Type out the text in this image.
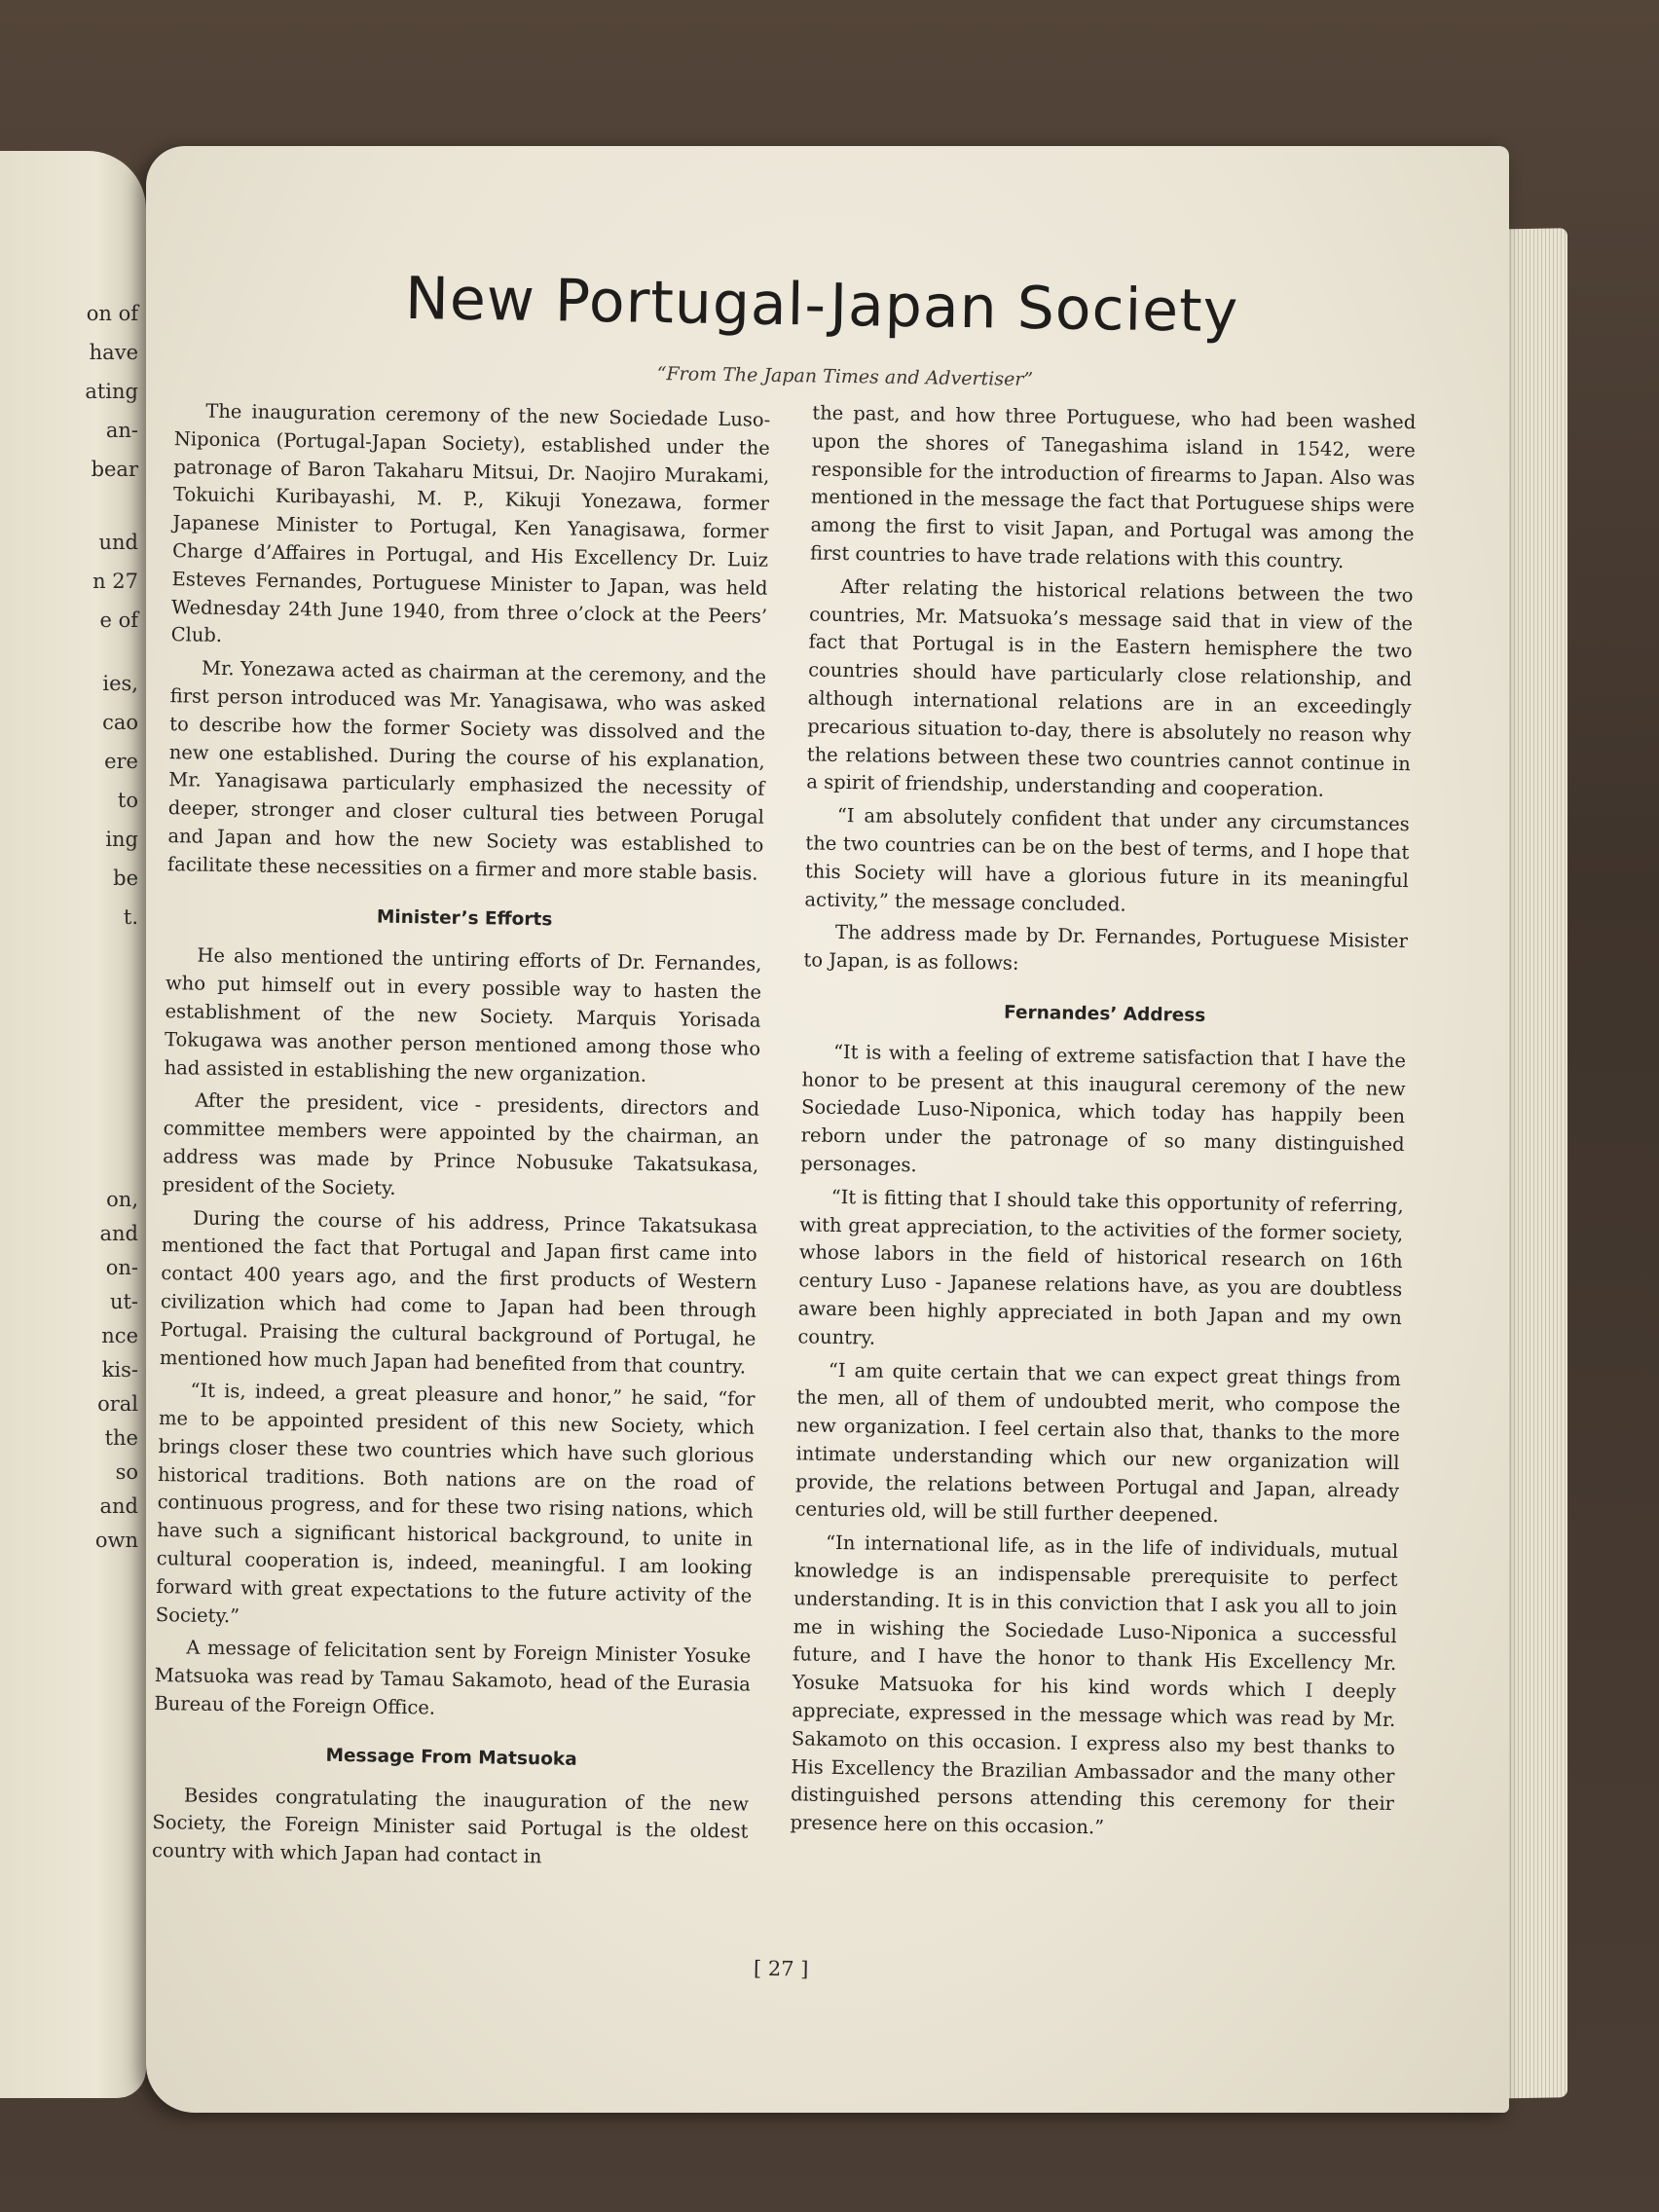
on of
have
ating
an-
bear
und
n 27
e of
ies,
cao
ere
to
ing
be
t.
on,
and
on-
ut-
nce
kis-
oral
the
so
and
own
New Portugal-Japan Society
“From The Japan Times and Advertiser”

The inauguration ceremony of the new Sociedade Luso-Niponica (Portugal-Japan Society), established under the patronage of Baron Takaharu Mitsui, Dr. Naojiro Murakami, Tokuichi Kuribayashi, M. P., Kikuji Yonezawa, former Japanese Minister to Portugal, Ken Yanagisawa, former Charge d’Affaires in Portugal, and His Excellency Dr. Luiz Esteves Fernandes, Portuguese Minister to Japan, was held Wednesday 24th June 1940, from three o’clock at the Peers’ Club.

Mr. Yonezawa acted as chairman at the ceremony, and the first person introduced was Mr. Yanagisawa, who was asked to describe how the former Society was dissolved and the new one established. During the course of his explanation, Mr. Yanagisawa particularly emphasized the necessity of deeper, stronger and closer cultural ties between Porugal and Japan and how the new Society was established to facilitate these necessities on a firmer and more stable basis.

Minister’s Efforts

He also mentioned the untiring efforts of Dr. Fernandes, who put himself out in every possible way to hasten the establishment of the new Society. Marquis Yorisada Tokugawa was another person mentioned among those who had assisted in establishing the new organization.

After the president, vice - presidents, directors and committee members were appointed by the chairman, an address was made by Prince Nobusuke Takatsukasa, president of the Society.

During the course of his address, Prince Takatsukasa mentioned the fact that Portugal and Japan first came into contact 400 years ago, and the first products of Western civilization which had come to Japan had been through Portugal. Praising the cultural background of Portugal, he mentioned how much Japan had benefited from that country.

“It is, indeed, a great pleasure and honor,” he said, “for me to be appointed president of this new Society, which brings closer these two countries which have such glorious historical traditions. Both nations are on the road of continuous progress, and for these two rising nations, which have such a significant historical background, to unite in cultural cooperation is, indeed, meaningful. I am looking forward with great expectations to the future activity of the Society.”

A message of felicitation sent by Foreign Minister Yosuke Matsuoka was read by Tamau Sakamoto, head of the Eurasia Bureau of the Foreign Office.

Message From Matsuoka

Besides congratulating the inauguration of the new Society, the Foreign Minister said Portugal is the oldest country with which Japan had contact in

the past, and how three Portuguese, who had been washed upon the shores of Tanegashima island in 1542, were responsible for the introduction of firearms to Japan. Also was mentioned in the message the fact that Portuguese ships were among the first to visit Japan, and Portugal was among the first countries to have trade relations with this country.

After relating the historical relations between the two countries, Mr. Matsuoka’s message said that in view of the fact that Portugal is in the Eastern hemisphere the two countries should have particularly close relationship, and although international relations are in an exceedingly precarious situation to-day, there is absolutely no reason why the relations between these two countries cannot continue in a spirit of friendship, understanding and cooperation.

“I am absolutely confident that under any circumstances the two countries can be on the best of terms, and I hope that this Society will have a glorious future in its meaningful activity,” the message concluded.

The address made by Dr. Fernandes, Portuguese Misister to Japan, is as follows:

Fernandes’ Address

“It is with a feeling of extreme satisfaction that I have the honor to be present at this inaugural ceremony of the new Sociedade Luso-Niponica, which today has happily been reborn under the patronage of so many distinguished personages.

“It is fitting that I should take this opportunity of referring, with great appreciation, to the activities of the former society, whose labors in the field of historical research on 16th century Luso - Japanese relations have, as you are doubtless aware been highly appreciated in both Japan and my own country.

“I am quite certain that we can expect great things from the men, all of them of undoubted merit, who compose the new organization. I feel certain also that, thanks to the more intimate understanding which our new organization will provide, the relations between Portugal and Japan, already centuries old, will be still further deepened.

“In international life, as in the life of individuals, mutual knowledge is an indispensable prerequisite to perfect understanding. It is in this conviction that I ask you all to join me in wishing the Sociedade Luso-Niponica a successful future, and I have the honor to thank His Excellency Mr. Yosuke Matsuoka for his kind words which I deeply appreciate, expressed in the message which was read by Mr. Sakamoto on this occasion. I express also my best thanks to His Excellency the Brazilian Ambassador and the many other distinguished persons attending this ceremony for their presence here on this occasion.”

[ 27 ]
